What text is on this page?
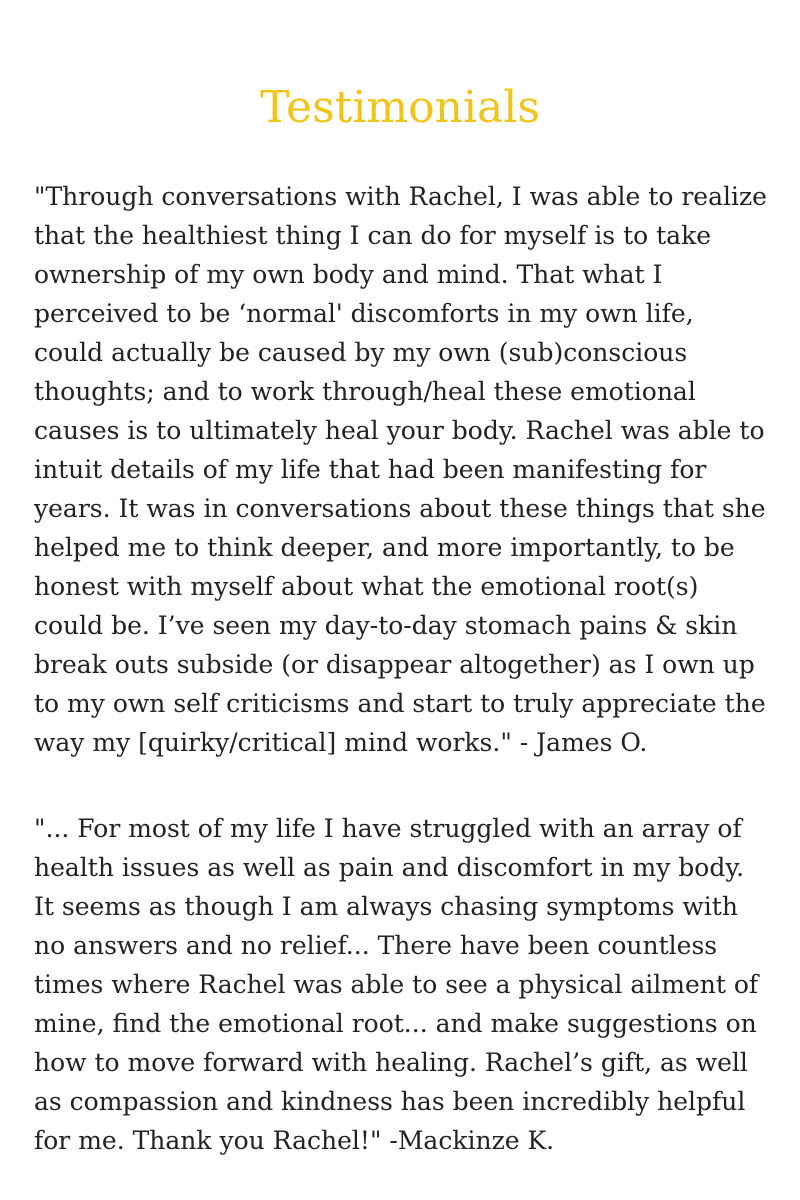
Testimonials

"Through conversations with Rachel, I was able to realize that the healthiest thing I can do for myself is to take ownership of my own body and mind. That what I perceived to be ‘normal' discomforts in my own life, could actually be caused by my own (sub)conscious thoughts; and to work through/heal these emotional causes is to ultimately heal your body. Rachel was able to intuit details of my life that had been manifesting for years. It was in conversations about these things that she helped me to think deeper, and more importantly, to be honest with myself about what the emotional root(s) could be. I’ve seen my day-to-day stomach pains & skin break outs subside (or disappear altogether) as I own up to my own self criticisms and start to truly appreciate the way my [quirky/critical] mind works." - James O.

"... For most of my life I have struggled with an array of health issues as well as pain and discomfort in my body. It seems as though I am always chasing symptoms with no answers and no relief... There have been countless times where Rachel was able to see a physical ailment of mine, find the emotional root... and make suggestions on how to move forward with healing. Rachel’s gift, as well as compassion and kindness has been incredibly helpful for me. Thank you Rachel!" -Mackinze K.
